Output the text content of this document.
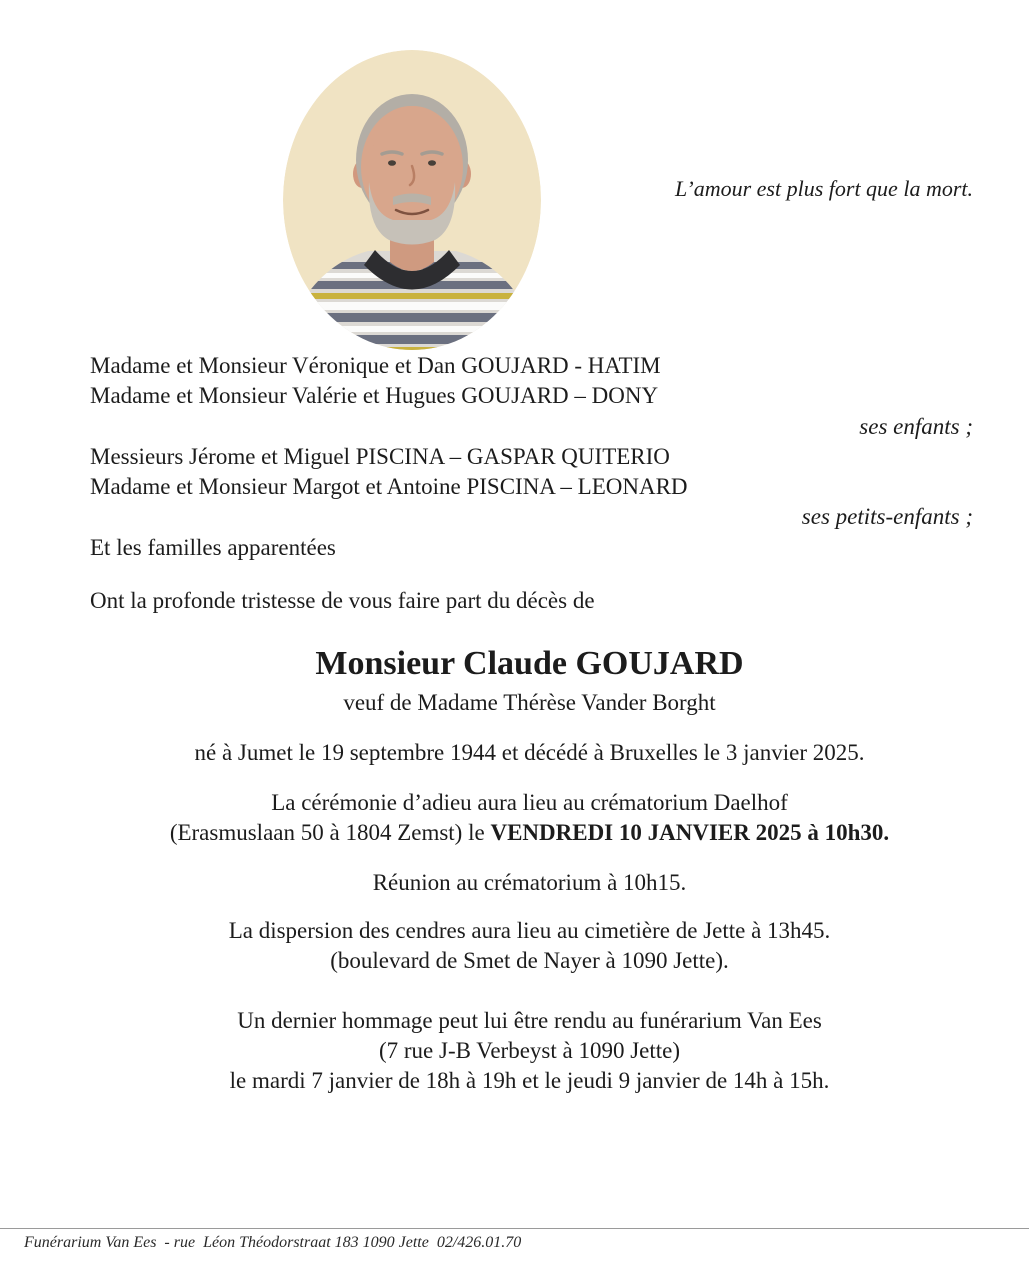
L’amour est plus fort que la mort.
Madame et Monsieur Véronique et Dan GOUJARD - HATIM
Madame et Monsieur Valérie et Hugues GOUJARD – DONY
ses enfants ;
Messieurs Jérome et Miguel PISCINA – GASPAR QUITERIO
Madame et Monsieur Margot et Antoine PISCINA – LEONARD
ses petits-enfants ;
Et les familles apparentées
Ont la profonde tristesse de vous faire part du décès de
Monsieur Claude GOUJARD
veuf de Madame Thérèse Vander Borght
né à Jumet le 19 septembre 1944 et décédé à Bruxelles le 3 janvier 2025.
La cérémonie d’adieu aura lieu au crématorium Daelhof
(Erasmuslaan 50 à 1804 Zemst) le VENDREDI 10 JANVIER 2025 à 10h30.
Réunion au crématorium à 10h15.
La dispersion des cendres aura lieu au cimetière de Jette à 13h45.
(boulevard de Smet de Nayer à 1090 Jette).
Un dernier hommage peut lui être rendu au funérarium Van Ees
(7 rue J-B Verbeyst à 1090 Jette)
le mardi 7 janvier de 18h à 19h et le jeudi 9 janvier de 14h à 15h.
Funérarium Van Ees  - rue  Léon Théodorstraat 183 1090 Jette  02/426.01.70
